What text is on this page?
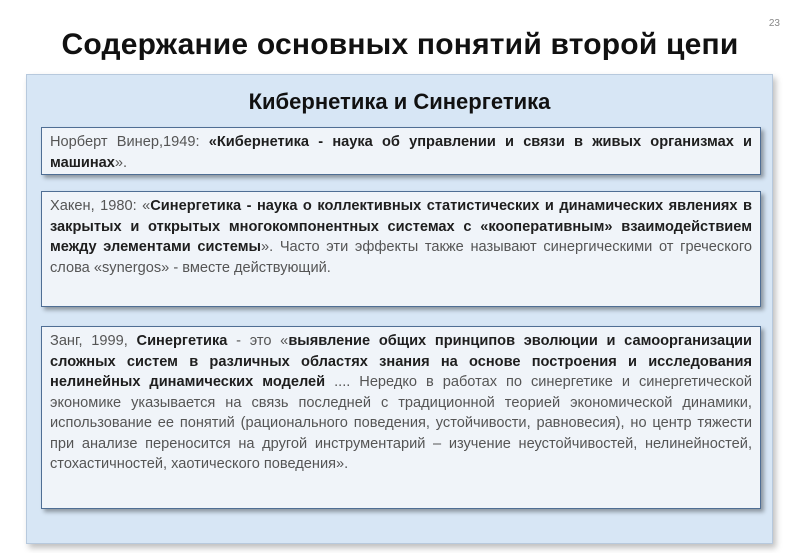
23
Содержание основных понятий второй цепи
Кибернетика и Синергетика
Норберт Винер,1949: «Кибернетика - наука об управлении и связи в живых организмах и машинах».
Хакен, 1980: «Синергетика - наука о коллективных статистических и динамических явлениях в закрытых и открытых многокомпонентных системах с «кооперативным» взаимодействием между элементами системы». Часто эти эффекты также называют синергическими от греческого слова «synergos» - вместе действующий.
Занг, 1999, Синергетика - это «выявление общих принципов эволюции и самоорганизации сложных систем в различных областях знания на основе построения и исследования нелинейных динамических моделей .... Нередко в работах по синергетике и синергетической экономике указывается на связь последней с традиционной теорией экономической динамики, использование ее понятий (рационального поведения, устойчивости, равновесия), но центр тяжести при анализе переносится на другой инструментарий – изучение неустойчивостей, нелинейностей, стохастичностей, хаотического поведения».
